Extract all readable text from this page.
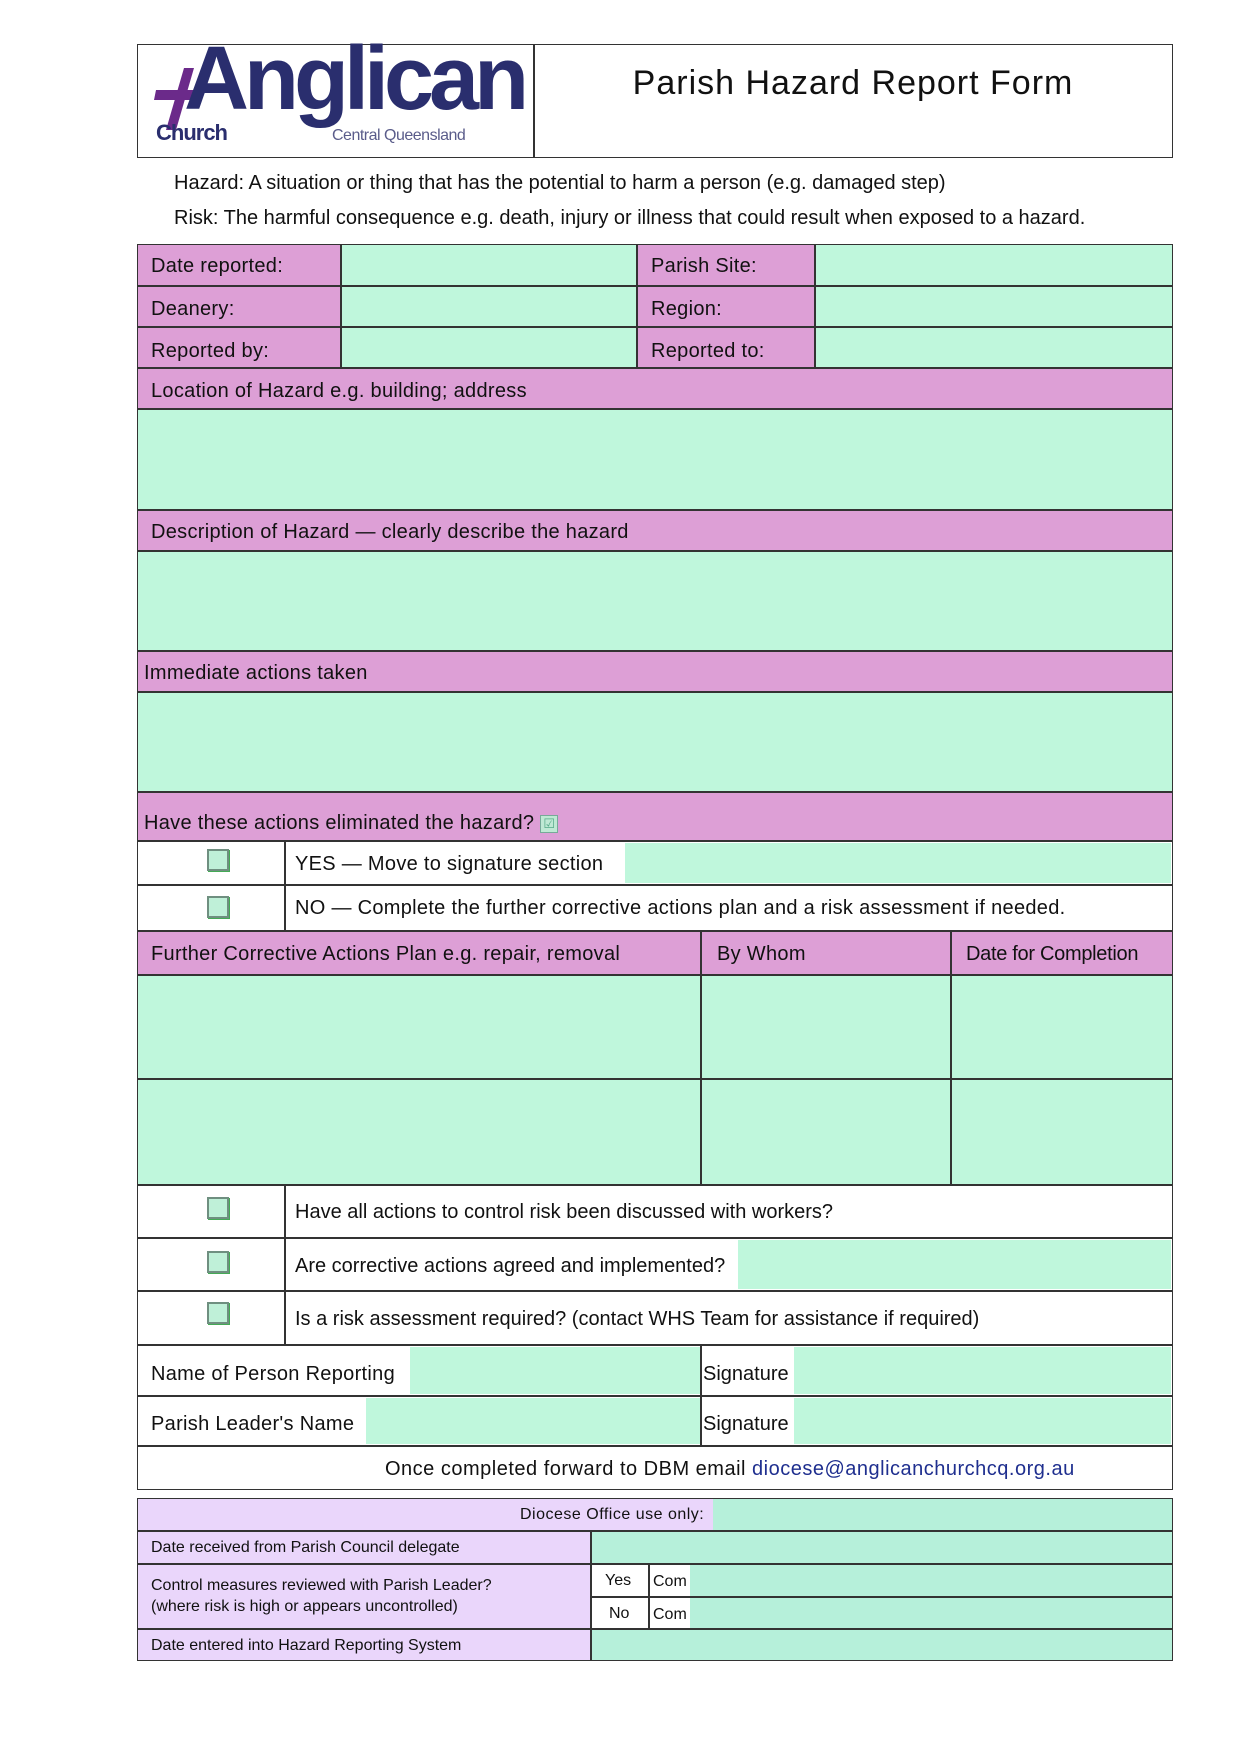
Anglican
Church	Central Queensland
Parish Hazard Report Form
Hazard: A situation or thing that has the potential to harm a person (e.g. damaged step)
Risk: The harmful consequence e.g. death, injury or illness that could result when exposed to a hazard.
Date reported:	Parish Site:
Deanery:	Region:
Reported by:	Reported to:
Location of Hazard e.g. building; address
Description of Hazard — clearly describe the hazard
Immediate actions taken
Have these actions eliminated the hazard? ☑
YES — Move to signature section
NO — Complete the further corrective actions plan and a risk assessment if needed.
Further Corrective Actions Plan e.g. repair, removal	By Whom	Date for Completion
Have all actions to control risk been discussed with workers?
Are corrective actions agreed and implemented?
Is a risk assessment required? (contact WHS Team for assistance if required)
Name of Person Reporting	Signature
Parish Leader's Name	Signature
Once completed forward to DBM email diocese@anglicanchurchcq.org.au
Diocese Office use only:
Date received from Parish Council delegate
Control measures reviewed with Parish Leader?
(where risk is high or appears uncontrolled)
Yes Com
No Com
Date entered into Hazard Reporting System
